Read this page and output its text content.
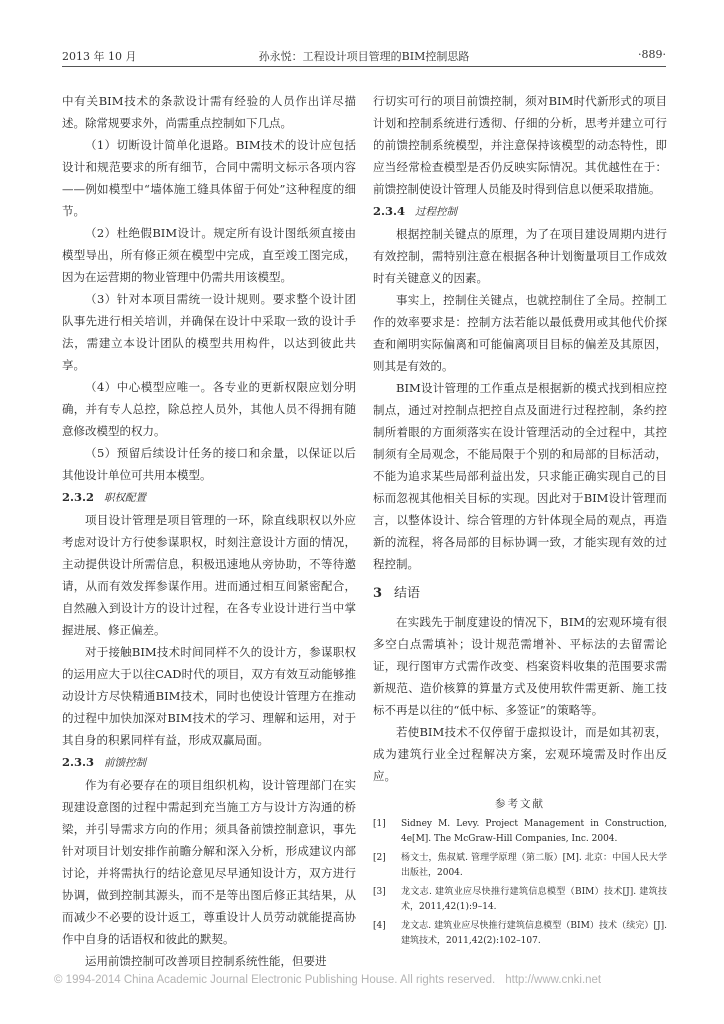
2013 年 10 月	孙永悦：工程设计项目管理的BIM控制思路	·889·

中有关BIM技术的条款设计需有经验的人员作出详尽描述。除常规要求外，尚需重点控制如下几点。

（1）切断设计简单化退路。BIM技术的设计应包括设计和规范要求的所有细节，合同中需明文标示各项内容——例如模型中“墙体施工缝具体留于何处”这种程度的细节。

（2）杜绝假BIM设计。规定所有设计图纸须直接由模型导出，所有修正须在模型中完成，直至竣工图完成，因为在运营期的物业管理中仍需共用该模型。

（3）针对本项目需统一设计规则。要求整个设计团队事先进行相关培训，并确保在设计中采取一致的设计手法，需建立本设计团队的模型共用构件，以达到彼此共享。

（4）中心模型应唯一。各专业的更新权限应划分明确，并有专人总控，除总控人员外，其他人员不得拥有随意修改模型的权力。

（5）预留后续设计任务的接口和余量，以保证以后其他设计单位可共用本模型。

2.3.2 职权配置

项目设计管理是项目管理的一环，除直线职权以外应考虑对设计方行使参谋职权，时刻注意设计方面的情况，主动提供设计所需信息，积极迅速地从旁协助，不等待邀请，从而有效发挥参谋作用。进而通过相互间紧密配合，自然融入到设计方的设计过程，在各专业设计进行当中掌握进展、修正偏差。

对于接触BIM技术时间同样不久的设计方，参谋职权的运用应大于以往CAD时代的项目，双方有效互动能够推动设计方尽快精通BIM技术，同时也使设计管理方在推动的过程中加快加深对BIM技术的学习、理解和运用，对于其自身的积累同样有益，形成双赢局面。

2.3.3 前馈控制

作为有必要存在的项目组织机构，设计管理部门在实现建设意图的过程中需起到充当施工方与设计方沟通的桥梁，并引导需求方向的作用；须具备前馈控制意识，事先针对项目计划安排作前瞻分解和深入分析，形成建议内部讨论，并将需执行的结论意见尽早通知设计方，双方进行协调，做到控制其源头，而不是等出图后修正其结果，从而减少不必要的设计返工，尊重设计人员劳动就能提高协作中自身的话语权和彼此的默契。

运用前馈控制可改善项目控制系统性能，但要进

行切实可行的项目前馈控制，须对BIM时代新形式的项目计划和控制系统进行透彻、仔细的分析，思考并建立可行的前馈控制系统模型，并注意保持该模型的动态特性，即应当经常检查模型是否仍反映实际情况。其优越性在于：前馈控制使设计管理人员能及时得到信息以便采取措施。

2.3.4 过程控制

根据控制关键点的原理，为了在项目建设周期内进行有效控制，需特别注意在根据各种计划衡量项目工作成效时有关键意义的因素。

事实上，控制住关键点，也就控制住了全局。控制工作的效率要求是：控制方法若能以最低费用或其他代价探查和阐明实际偏离和可能偏离项目目标的偏差及其原因，则其是有效的。

BIM设计管理的工作重点是根据新的模式找到相应控制点，通过对控制点把控自点及面进行过程控制，条约控制所着眼的方面须落实在设计管理活动的全过程中，其控制须有全局观念，不能局限于个别的和局部的目标活动，不能为追求某些局部利益出发，只求能正确实现自己的目标而忽视其他相关目标的实现。因此对于BIM设计管理而言，以整体设计、综合管理的方针体现全局的观点，再造新的流程，将各局部的目标协调一致，才能实现有效的过程控制。

3 结语

在实践先于制度建设的情况下，BIM的宏观环境有很多空白点需填补；设计规范需增补、平标法的去留需论证，现行图审方式需作改变、档案资料收集的范围要求需新规范、造价核算的算量方式及使用软件需更新、施工技标不再是以往的“低中标、多签证”的策略等。

若使BIM技术不仅停留于虚拟设计，而是如其初衷，成为建筑行业全过程解决方案，宏观环境需及时作出反应。

参考文献
[1] Sidney M. Levy. Project Management in Construction, 4e[M]. The McGraw-Hill Companies, Inc. 2004.
[2] 杨文士，焦叔斌. 管理学原理（第二版）[M]. 北京：中国人民大学出版社，2004.
[3] 龙文志. 建筑业应尽快推行建筑信息模型（BIM）技术[J]. 建筑技术，2011,42(1):9–14.
[4] 龙文志. 建筑业应尽快推行建筑信息模型（BIM）技术（续完）[J]. 建筑技术，2011,42(2):102–107.
© 1994-2014 China Academic Journal Electronic Publishing House. All rights reserved. http://www.cnki.net
